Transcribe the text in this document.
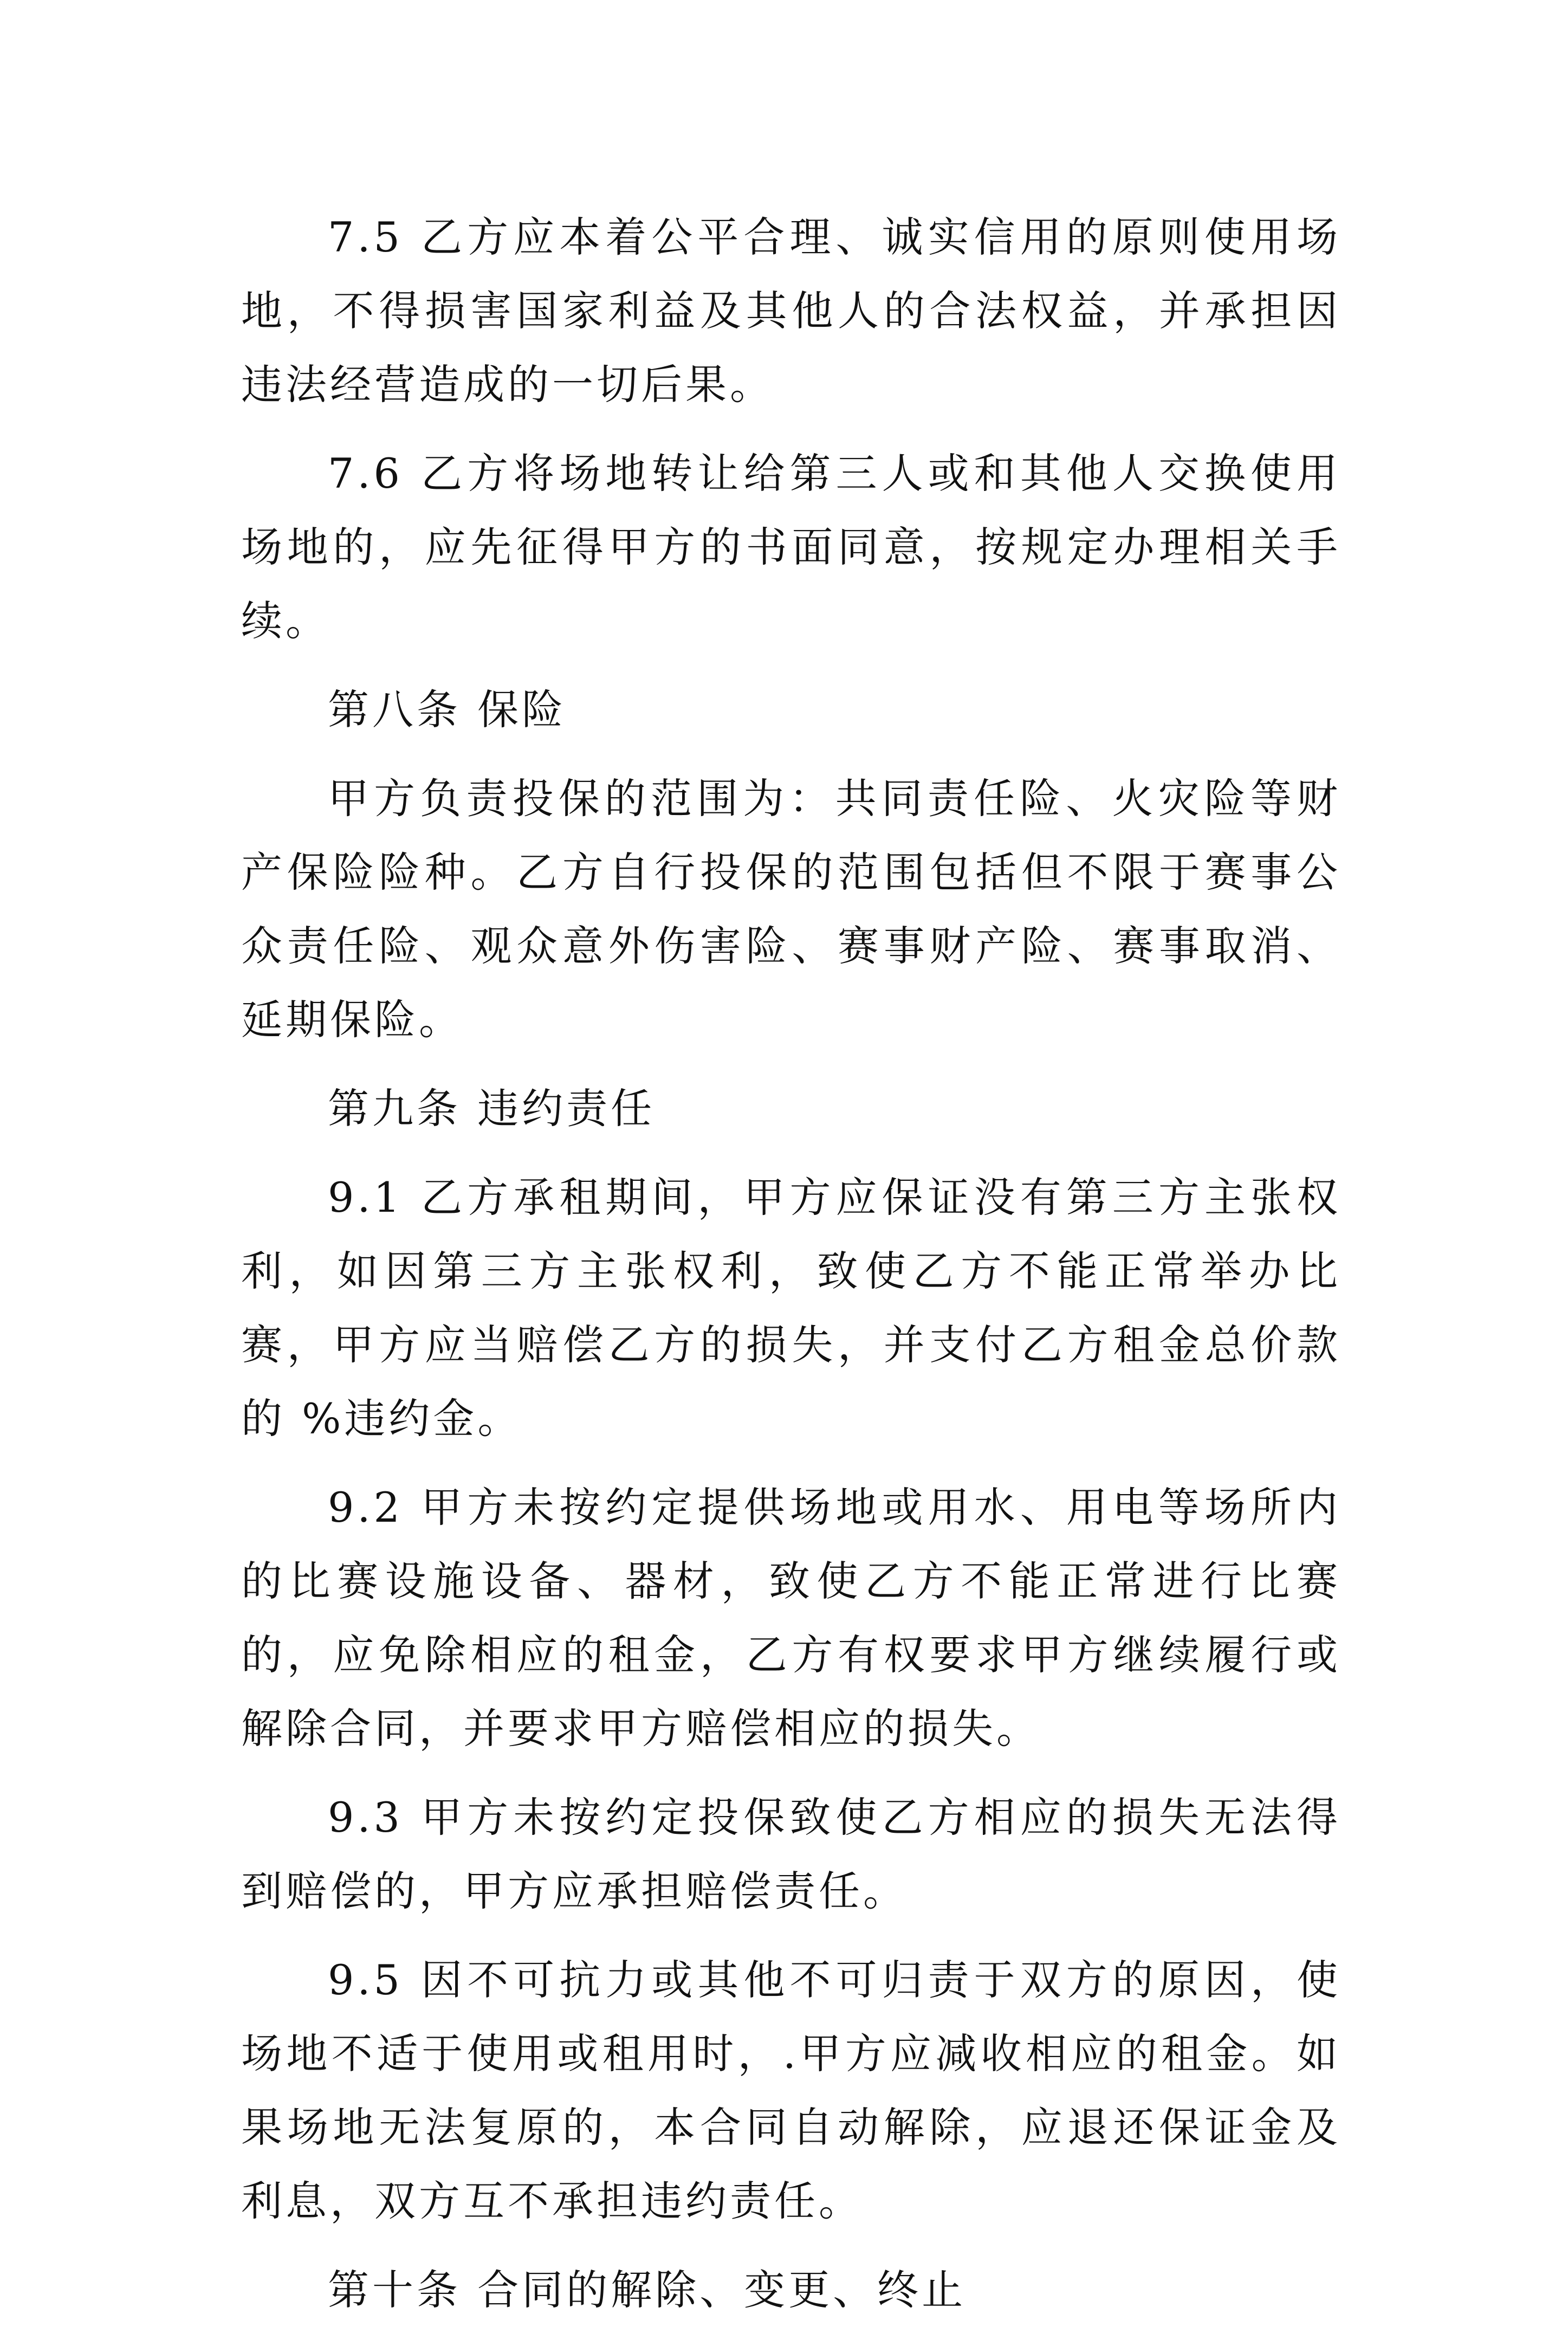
7.5 乙方应本着公平合理、诚实信用的原则使用场地，不得损害国家利益及其他人的合法权益，并承担因违法经营造成的一切后果。

7.6 乙方将场地转让给第三人或和其他人交换使用场地的，应先征得甲方的书面同意，按规定办理相关手续。

第八条 保险

甲方负责投保的范围为：共同责任险、火灾险等财产保险险种。乙方自行投保的范围包括但不限于赛事公众责任险、观众意外伤害险、赛事财产险、赛事取消、延期保险。

第九条 违约责任

9.1 乙方承租期间，甲方应保证没有第三方主张权利，如因第三方主张权利，致使乙方不能正常举办比赛，甲方应当赔偿乙方的损失，并支付乙方租金总价款的 %违约金。

9.2 甲方未按约定提供场地或用水、用电等场所内的比赛设施设备、器材，致使乙方不能正常进行比赛的，应免除相应的租金，乙方有权要求甲方继续履行或解除合同，并要求甲方赔偿相应的损失。

9.3 甲方未按约定投保致使乙方相应的损失无法得到赔偿的，甲方应承担赔偿责任。

9.5 因不可抗力或其他不可归责于双方的原因，使场地不适于使用或租用时，.甲方应减收相应的租金。如果场地无法复原的，本合同自动解除，应退还保证金及利息，双方互不承担违约责任。

第十条 合同的解除、变更、终止
